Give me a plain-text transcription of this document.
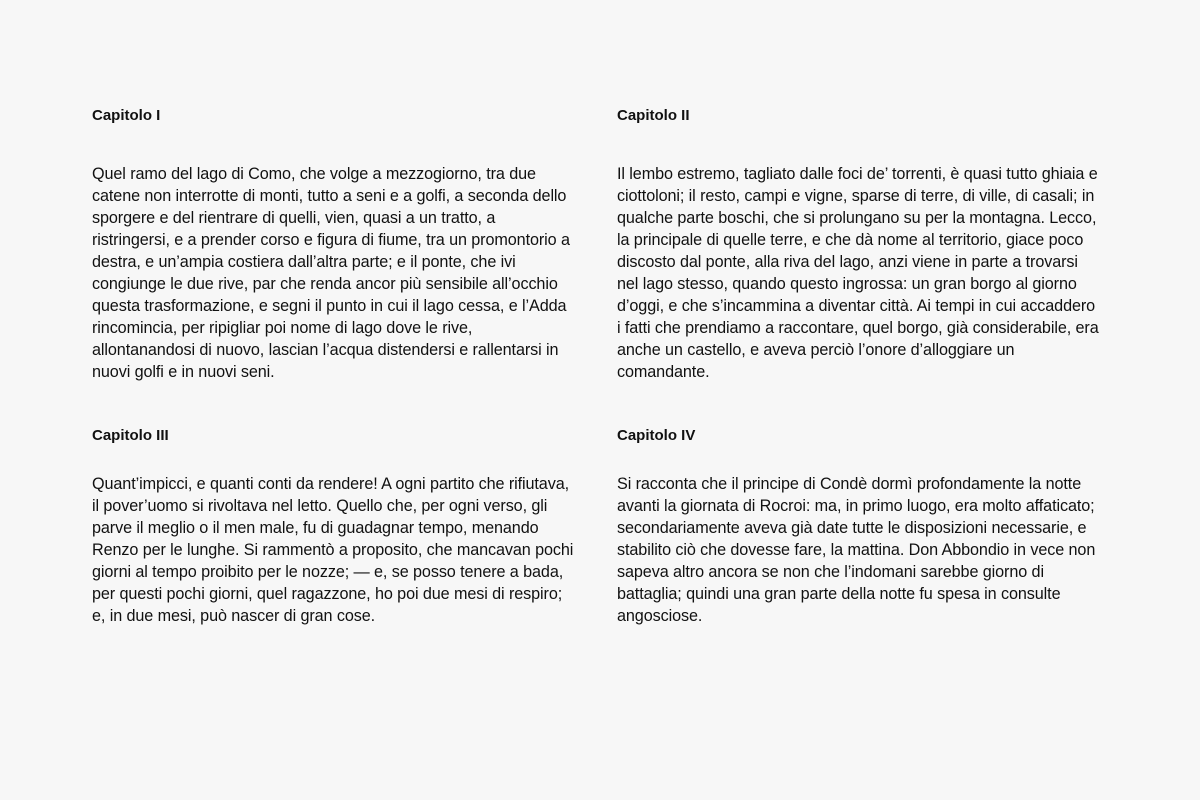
Capitolo I

Quel ramo del lago di Como, che volge a mezzogiorno, tra due catene non interrotte di monti, tutto a seni e a golfi, a seconda dello sporgere e del rientrare di quelli, vien, quasi a un tratto, a ristringersi, e a prender corso e figura di fiume, tra un promontorio a destra, e un’ampia costiera dall’altra parte; e il ponte, che ivi congiunge le due rive, par che renda ancor più sensibile all’occhio questa trasformazione, e segni il punto in cui il lago cessa, e l’Adda rincomincia, per ripigliar poi nome di lago dove le rive, allontanandosi di nuovo, lascian l’acqua distendersi e rallentarsi in nuovi golfi e in nuovi seni.

Capitolo II

Il lembo estremo, tagliato dalle foci de’ torrenti, è quasi tutto ghiaia e ciottoloni; il resto, campi e vigne, sparse di terre, di ville, di casali; in qualche parte boschi, che si prolungano su per la montagna. Lecco, la principale di quelle terre, e che dà nome al territorio, giace poco discosto dal ponte, alla riva del lago, anzi viene in parte a trovarsi nel lago stesso, quando questo ingrossa: un gran borgo al giorno d’oggi, e che s’incammina a diventar città. Ai tempi in cui accaddero i fatti che prendiamo a raccontare, quel borgo, già considerabile, era anche un castello, e aveva perciò l’onore d’alloggiare un comandante.

Capitolo III

Quant’impicci, e quanti conti da rendere! A ogni partito che rifiutava, il pover’uomo si rivoltava nel letto. Quello che, per ogni verso, gli parve il meglio o il men male, fu di guadagnar tempo, menando Renzo per le lunghe. Si rammentò a proposito, che mancavan pochi giorni al tempo proibito per le nozze; — e, se posso tenere a bada, per questi pochi giorni, quel ragazzone, ho poi due mesi di respiro; e, in due mesi, può nascer di gran cose.

Capitolo IV

Si racconta che il principe di Condè dormì profondamente la notte avanti la giornata di Rocroi: ma, in primo luogo, era molto affaticato; secondariamente aveva già date tutte le disposizioni necessarie, e stabilito ciò che dovesse fare, la mattina. Don Abbondio in vece non sapeva altro ancora se non che l’indomani sarebbe giorno di battaglia; quindi una gran parte della notte fu spesa in consulte angosciose.
